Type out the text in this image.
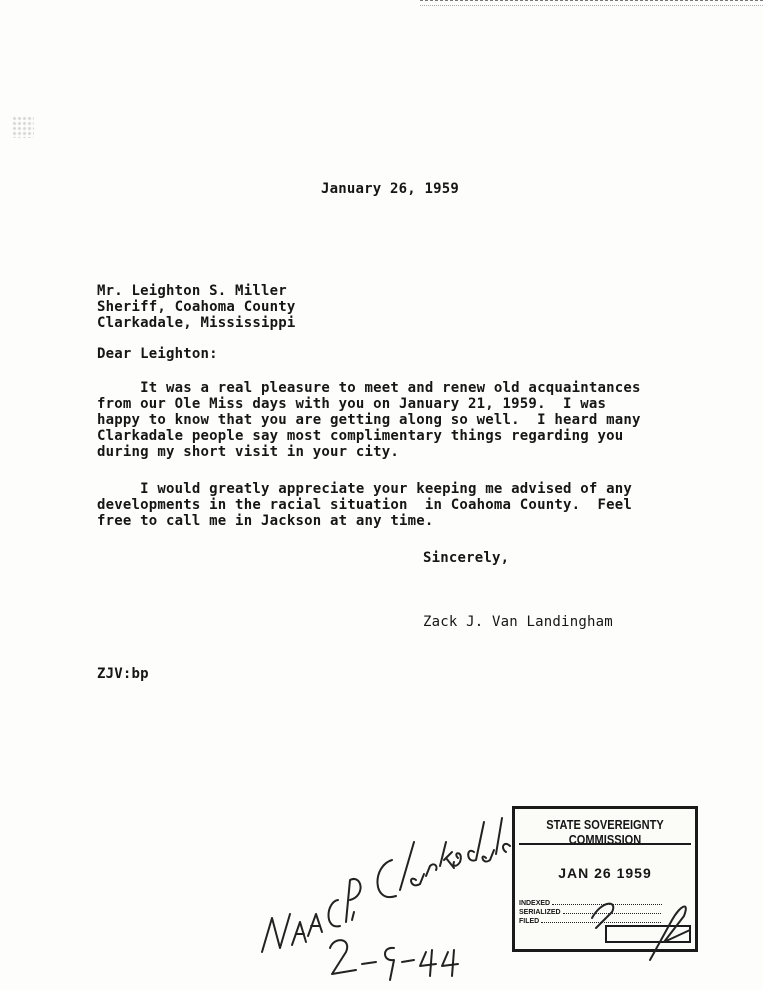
January 26, 1959
Mr. Leighton S. Miller
Sheriff, Coahoma County
Clarkadale, Mississippi
Dear Leighton:
It was a real pleasure to meet and renew old acquaintances
from our Ole Miss days with you on January 21, 1959.  I was
happy to know that you are getting along so well.  I heard many
Clarkadale people say most complimentary things regarding you
during my short visit in your city.
I would greatly appreciate your keeping me advised of any
developments in the racial situation  in Coahoma County.  Feel
free to call me in Jackson at any time.
Sincerely,
Zack J. Van Landingham
ZJV:bp
STATE SOVEREIGNTY COMMISSION
JAN 26 1959
INDEXED
SERIALIZED
FILED
